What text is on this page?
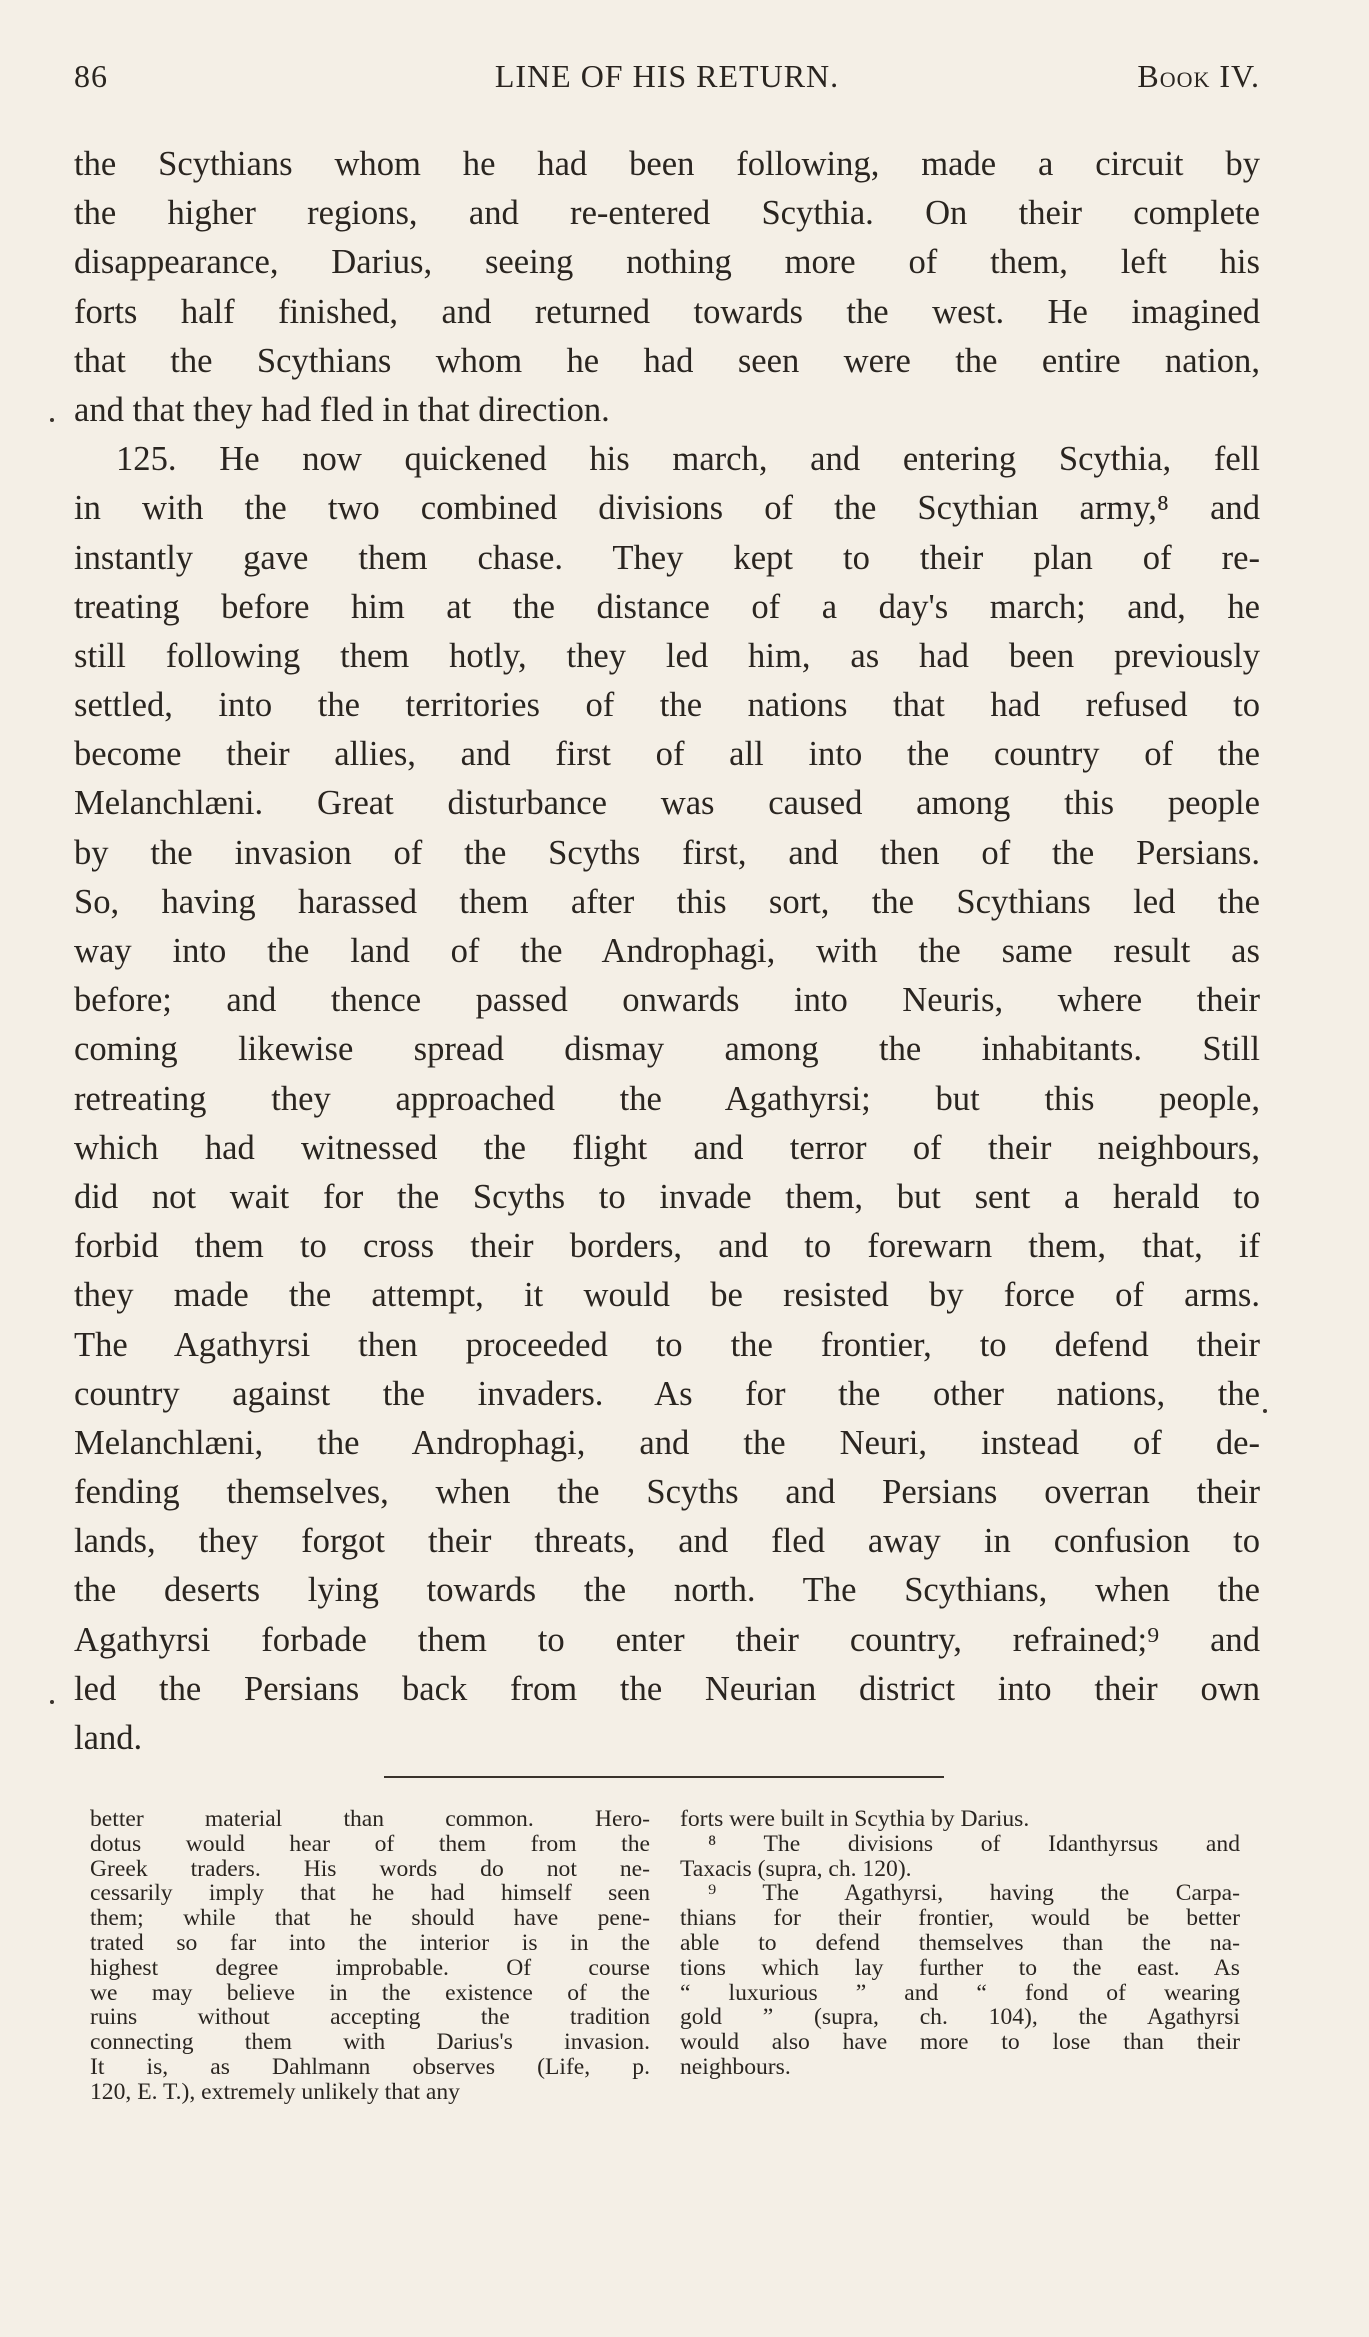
86	LINE OF HIS RETURN.	Book IV.
the Scythians whom he had been following, made a circuit by
the higher regions, and re-entered Scythia. On their complete
disappearance, Darius, seeing nothing more of them, left his
forts half finished, and returned towards the west. He imagined
that the Scythians whom he had seen were the entire nation,
and that they had fled in that direction.
125. He now quickened his march, and entering Scythia, fell
in with the two combined divisions of the Scythian army,⁸ and
instantly gave them chase. They kept to their plan of re-
treating before him at the distance of a day's march; and, he
still following them hotly, they led him, as had been previously
settled, into the territories of the nations that had refused to
become their allies, and first of all into the country of the
Melanchlæni. Great disturbance was caused among this people
by the invasion of the Scyths first, and then of the Persians.
So, having harassed them after this sort, the Scythians led the
way into the land of the Androphagi, with the same result as
before; and thence passed onwards into Neuris, where their
coming likewise spread dismay among the inhabitants. Still
retreating they approached the Agathyrsi; but this people,
which had witnessed the flight and terror of their neighbours,
did not wait for the Scyths to invade them, but sent a herald to
forbid them to cross their borders, and to forewarn them, that, if
they made the attempt, it would be resisted by force of arms.
The Agathyrsi then proceeded to the frontier, to defend their
country against the invaders. As for the other nations, the
Melanchlæni, the Androphagi, and the Neuri, instead of de-
fending themselves, when the Scyths and Persians overran their
lands, they forgot their threats, and fled away in confusion to
the deserts lying towards the north. The Scythians, when the
Agathyrsi forbade them to enter their country, refrained;⁹ and
led the Persians back from the Neurian district into their own
land.
better material than common. Hero-
dotus would hear of them from the
Greek traders. His words do not ne-
cessarily imply that he had himself seen
them; while that he should have pene-
trated so far into the interior is in the
highest degree improbable. Of course
we may believe in the existence of the
ruins without accepting the tradition
connecting them with Darius's invasion.
It is, as Dahlmann observes (Life, p.
120, E. T.), extremely unlikely that any
forts were built in Scythia by Darius.
⁸ The divisions of Idanthyrsus and
Taxacis (supra, ch. 120).
⁹ The Agathyrsi, having the Carpa-
thians for their frontier, would be better
able to defend themselves than the na-
tions which lay further to the east. As
“ luxurious ” and “ fond of wearing
gold ” (supra, ch. 104), the Agathyrsi
would also have more to lose than their
neighbours.
